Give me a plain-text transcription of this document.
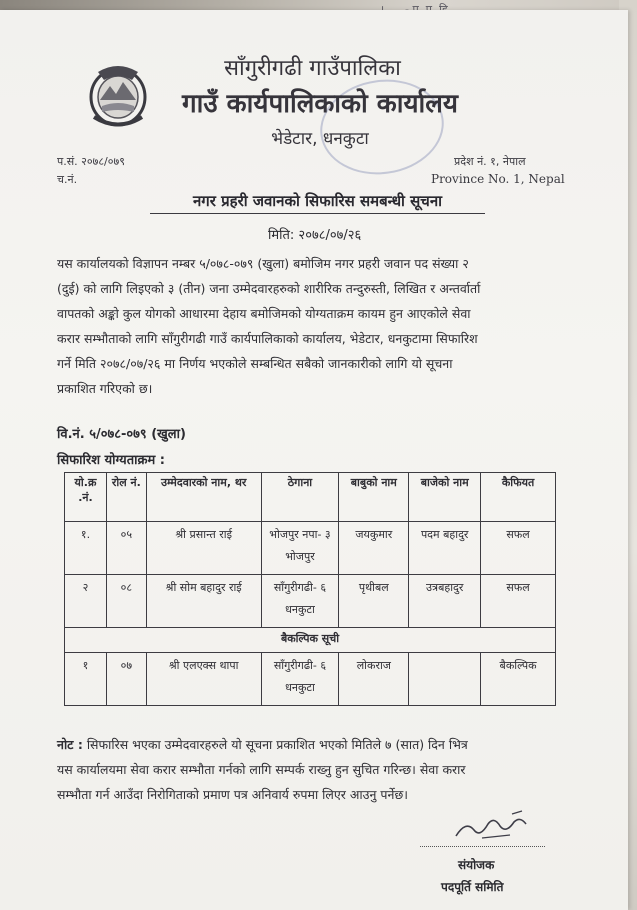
साँगुरीगढी गाउँपालिका
गाउँ कार्यपालिकाको कार्यालय
भेडेटार, धनकुटा
प.सं. २०७८/०७९
च.नं.
प्रदेश नं. १, नेपाल
Province No. 1, Nepal
नगर प्रहरी जवानको सिफारिस समबन्धी सूचना
मिति: २०७८/०७/२६
यस कार्यालयको विज्ञापन नम्बर ५/०७८-०७९ (खुला) बमोजिम नगर प्रहरी जवान पद संख्या २
(दुई) को लागि लिइएको ३ (तीन) जना उम्मेदवारहरुको शारीरिक तन्दुरुस्ती, लिखित र अन्तर्वार्ता
वापतको अङ्को कुल योगको आधारमा देहाय बमोजिमको योग्यताक्रम कायम हुन आएकोले सेवा
करार सम्भौताको लागि साँगुरीगढी गाउँ कार्यपालिकाको कार्यालय, भेडेटार, धनकुटामा सिफारिश
गर्ने मिति २०७८/०७/२६ मा निर्णय भएकोले सम्बन्धित सबैको जानकारीको लागि यो सूचना
प्रकाशित गरिएको छ।
वि.नं. ५/०७८-०७९ (खुला)
सिफारिश योग्यताक्रम :
यो.क्र .नं.	रोल नं.	उम्मेदवारको नाम, थर	ठेगाना	बाबुको नाम	बाजेको नाम	कैफियत
१.	०५	श्री प्रसान्त राई	भोजपुर नपा- ३ भोजपुर	जयकुमार	पदम बहादुर	सफल
२	०८	श्री सोम बहादुर राई	साँगुरीगढी- ६ धनकुटा	पृथीबल	उत्रबहादुर	सफल
बैकल्पिक सूची						
१	०७	श्री एलएक्स थापा	साँगुरीगढी- ६ धनकुटा	लोकराज		बैकल्पिक
नोट : सिफारिस भएका उम्मेदवारहरुले यो सूचना प्रकाशित भएको मितिले ७ (सात) दिन भित्र
यस कार्यालयमा सेवा करार सम्भौता गर्नको लागि सम्पर्क राख्नु हुन सुचित गरिन्छ। सेवा करार
सम्भौता गर्न आउँदा निरोगिताको प्रमाण पत्र अनिवार्य रुपमा लिएर आउनु पर्नेछ।
संयोजक
पदपूर्ति समिति
